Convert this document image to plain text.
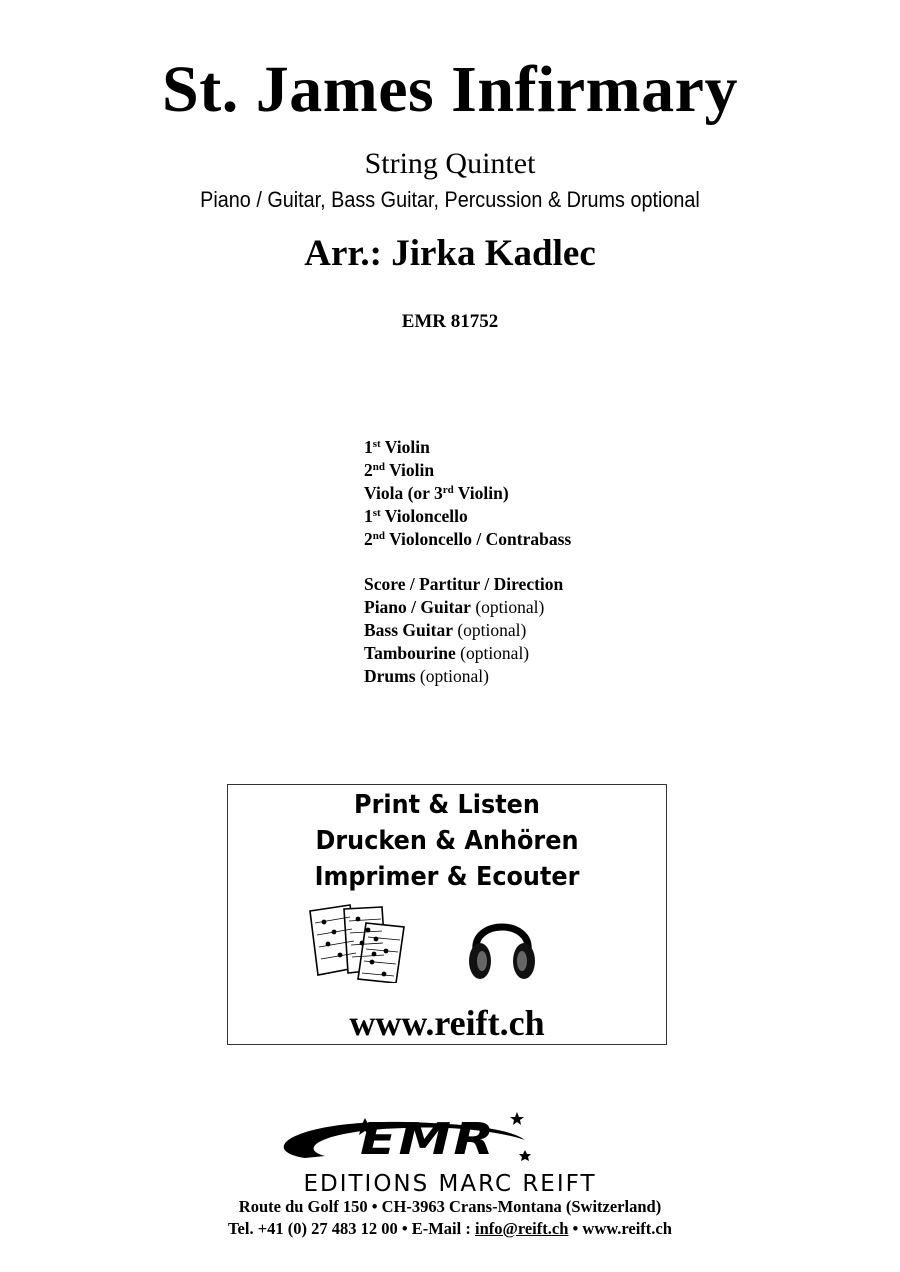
St. James Infirmary
String Quintet
Piano / Guitar, Bass Guitar, Percussion & Drums optional
Arr.: Jirka Kadlec
EMR 81752
1st Violin
2nd Violin
Viola (or 3rd Violin)
1st Violoncello
2nd Violoncello / Contrabass
Score / Partitur / Direction
Piano / Guitar (optional)
Bass Guitar (optional)
Tambourine (optional)
Drums (optional)
Print & Listen
Drucken & Anhören
Imprimer & Ecouter
www.reift.ch
EMR
EDITIONS MARC REIFT
Route du Golf 150 • CH-3963 Crans-Montana (Switzerland)
Tel. +41 (0) 27 483 12 00 • E-Mail : info@reift.ch • www.reift.ch
